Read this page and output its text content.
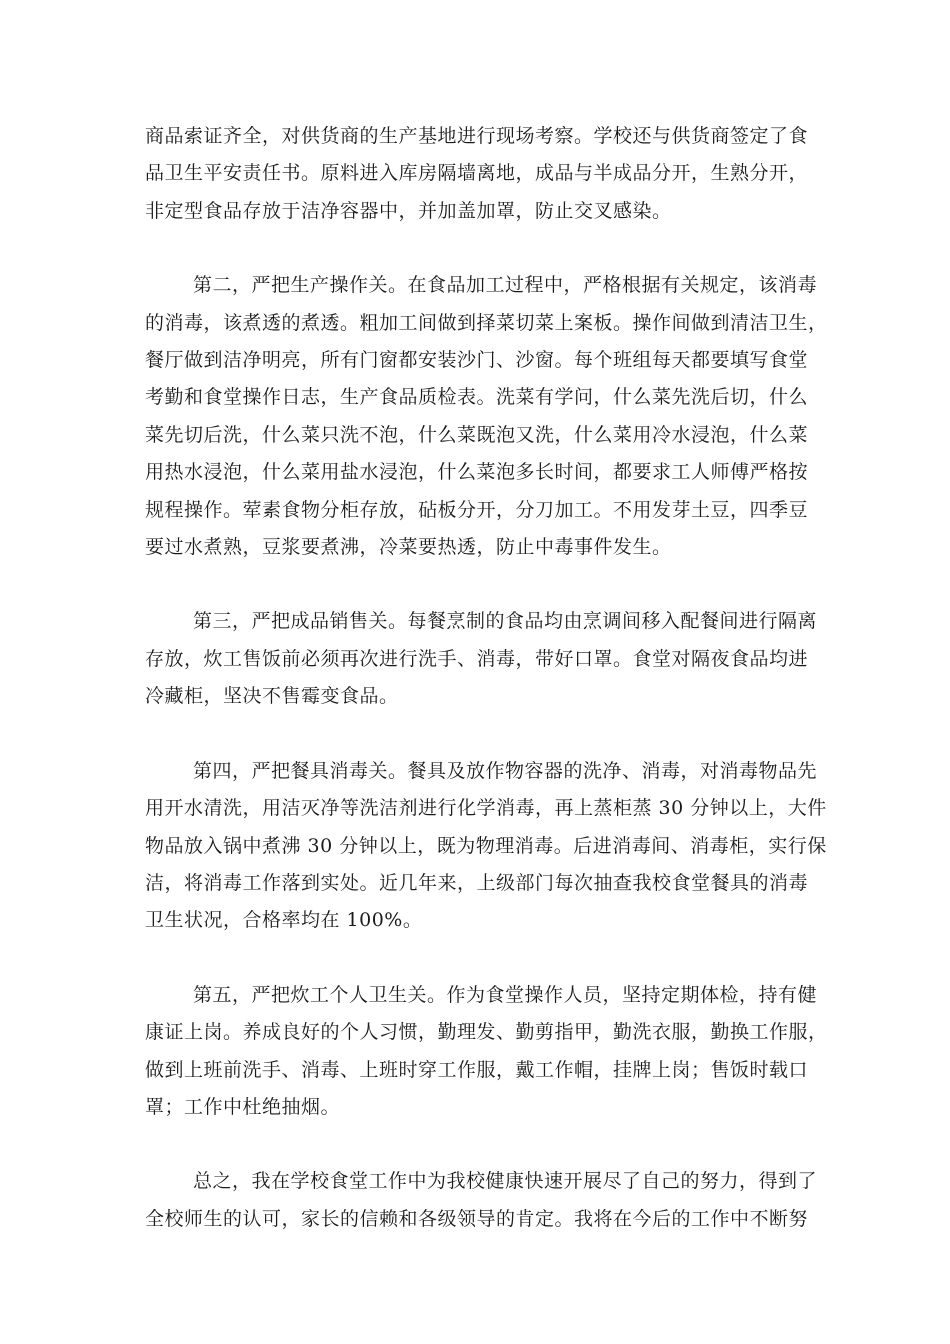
商品索证齐全，对供货商的生产基地进行现场考察。学校还与供货商签定了食
品卫生平安责任书。原料进入库房隔墙离地，成品与半成品分开，生熟分开，
非定型食品存放于洁净容器中，并加盖加罩，防止交叉感染。

第二，严把生产操作关。在食品加工过程中，严格根据有关规定，该消毒
的消毒，该煮透的煮透。粗加工间做到择菜切菜上案板。操作间做到清洁卫生，
餐厅做到洁净明亮，所有门窗都安装沙门、沙窗。每个班组每天都要填写食堂
考勤和食堂操作日志，生产食品质检表。洗菜有学问，什么菜先洗后切，什么
菜先切后洗，什么菜只洗不泡，什么菜既泡又洗，什么菜用冷水浸泡，什么菜
用热水浸泡，什么菜用盐水浸泡，什么菜泡多长时间，都要求工人师傅严格按
规程操作。荤素食物分柜存放，砧板分开，分刀加工。不用发芽土豆，四季豆
要过水煮熟，豆浆要煮沸，冷菜要热透，防止中毒事件发生。

第三，严把成品销售关。每餐烹制的食品均由烹调间移入配餐间进行隔离
存放，炊工售饭前必须再次进行洗手、消毒，带好口罩。食堂对隔夜食品均进
冷藏柜，坚决不售霉变食品。

第四，严把餐具消毒关。餐具及放作物容器的洗净、消毒，对消毒物品先
用开水清洗，用洁灭净等洗洁剂进行化学消毒，再上蒸柜蒸 30 分钟以上，大件
物品放入锅中煮沸 30 分钟以上，既为物理消毒。后进消毒间、消毒柜，实行保
洁，将消毒工作落到实处。近几年来，上级部门每次抽查我校食堂餐具的消毒
卫生状况，合格率均在 100%。

第五，严把炊工个人卫生关。作为食堂操作人员，坚持定期体检，持有健
康证上岗。养成良好的个人习惯，勤理发、勤剪指甲，勤洗衣服，勤换工作服，
做到上班前洗手、消毒、上班时穿工作服，戴工作帽，挂牌上岗；售饭时载口
罩；工作中杜绝抽烟。

总之，我在学校食堂工作中为我校健康快速开展尽了自己的努力，得到了
全校师生的认可，家长的信赖和各级领导的肯定。我将在今后的工作中不断努
